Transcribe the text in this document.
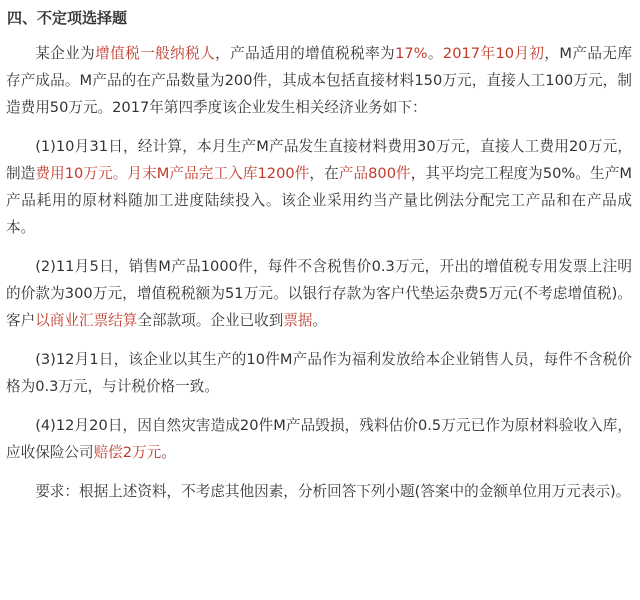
四、不定项选择题

某企业为增值税一般纳税人，产品适用的增值税税率为17%。2017年10月初，M产品无库存产成品。M产品的在产品数量为200件，其成本包括直接材料150万元，直接人工100万元，制造费用50万元。2017年第四季度该企业发生相关经济业务如下：

(1)10月31日，经计算，本月生产M产品发生直接材料费用30万元，直接人工费用20万元，制造费用10万元。月末M产品完工入库1200件，在产品800件，其平均完工程度为50%。生产M产品耗用的原材料随加工进度陆续投入。该企业采用约当产量比例法分配完工产品和在产品成本。

(2)11月5日，销售M产品1000件，每件不含税售价0.3万元，开出的增值税专用发票上注明的价款为300万元，增值税税额为51万元。以银行存款为客户代垫运杂费5万元(不考虑增值税)。客户以商业汇票结算全部款项。企业已收到票据。

(3)12月1日，该企业以其生产的10件M产品作为福利发放给本企业销售人员，每件不含税价格为0.3万元，与计税价格一致。

(4)12月20日，因自然灾害造成20件M产品毁损，残料估价0.5万元已作为原材料验收入库，应收保险公司赔偿2万元。

要求：根据上述资料，不考虑其他因素，分析回答下列小题(答案中的金额单位用万元表示)。
